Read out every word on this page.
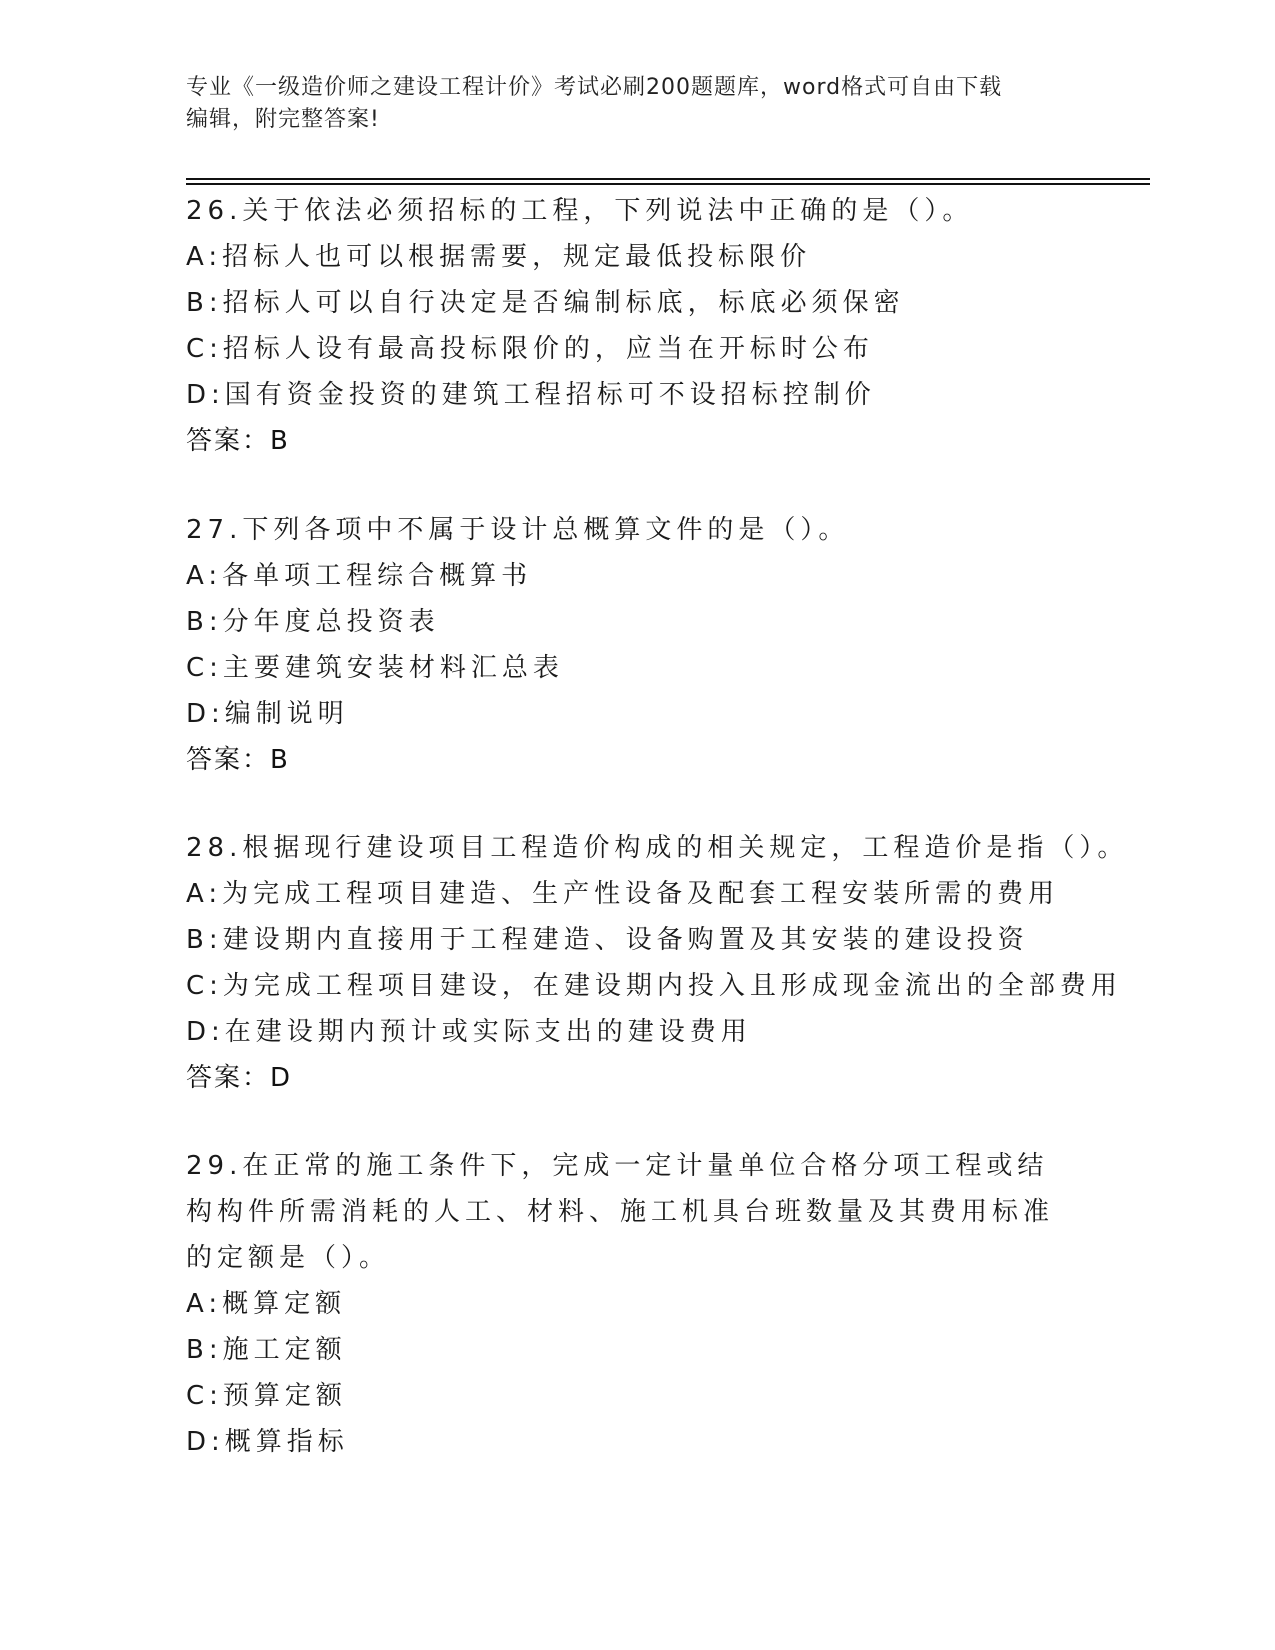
专业《一级造价师之建设工程计价》考试必刷200题题库，word格式可自由下载
编辑，附完整答案!
26.关于依法必须招标的工程，下列说法中正确的是（）。
A:招标人也可以根据需要，规定最低投标限价
B:招标人可以自行决定是否编制标底，标底必须保密
C:招标人设有最高投标限价的，应当在开标时公布
D:国有资金投资的建筑工程招标可不设招标控制价
答案：B
27.下列各项中不属于设计总概算文件的是（）。
A:各单项工程综合概算书
B:分年度总投资表
C:主要建筑安装材料汇总表
D:编制说明
答案：B
28.根据现行建设项目工程造价构成的相关规定，工程造价是指（）。
A:为完成工程项目建造、生产性设备及配套工程安装所需的费用
B:建设期内直接用于工程建造、设备购置及其安装的建设投资
C:为完成工程项目建设，在建设期内投入且形成现金流出的全部费用
D:在建设期内预计或实际支出的建设费用
答案：D
29.在正常的施工条件下，完成一定计量单位合格分项工程或结构构件所需消耗的人工、材料、施工机具台班数量及其费用标准的定额是（）。
A:概算定额
B:施工定额
C:预算定额
D:概算指标
